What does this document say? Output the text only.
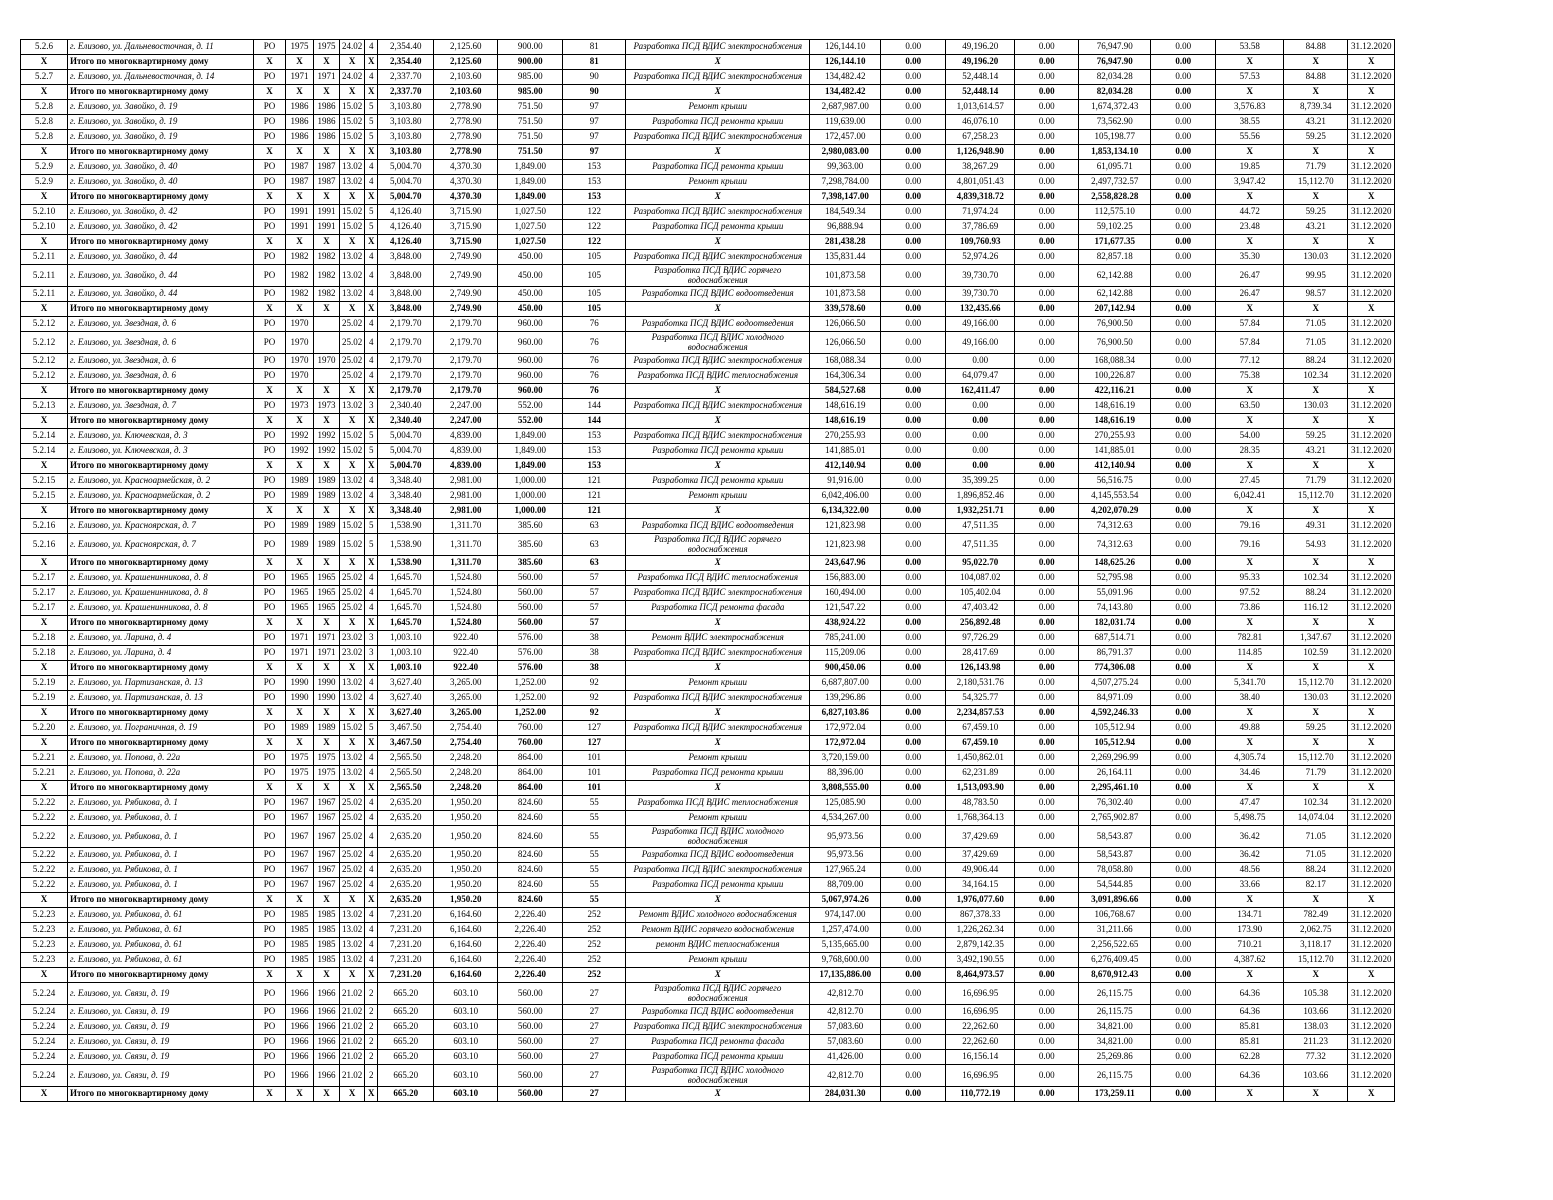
5.2.6	г. Елизово, ул. Дальневосточная, д. 11	РО	1975	1975	24.02	4	2,354.40	2,125.60	900.00	81	Разработка ПСД ВДИС электроснабжения	126,144.10	0.00	49,196.20	0.00	76,947.90	0.00	53.58	84.88	31.12.2020
X	Итого по многоквартирному дому	X	X	X	X	X	2,354.40	2,125.60	900.00	81	X	126,144.10	0.00	49,196.20	0.00	76,947.90	0.00	X	X	X
5.2.7	г. Елизово, ул. Дальневосточная, д. 14	РО	1971	1971	24.02	4	2,337.70	2,103.60	985.00	90	Разработка ПСД ВДИС электроснабжения	134,482.42	0.00	52,448.14	0.00	82,034.28	0.00	57.53	84.88	31.12.2020
X	Итого по многоквартирному дому	X	X	X	X	X	2,337.70	2,103.60	985.00	90	X	134,482.42	0.00	52,448.14	0.00	82,034.28	0.00	X	X	X
5.2.8	г. Елизово, ул. Завойко, д. 19	РО	1986	1986	15.02	5	3,103.80	2,778.90	751.50	97	Ремонт крыши	2,687,987.00	0.00	1,013,614.57	0.00	1,674,372.43	0.00	3,576.83	8,739.34	31.12.2020
5.2.8	г. Елизово, ул. Завойко, д. 19	РО	1986	1986	15.02	5	3,103.80	2,778.90	751.50	97	Разработка ПСД ремонта крыши	119,639.00	0.00	46,076.10	0.00	73,562.90	0.00	38.55	43.21	31.12.2020
5.2.8	г. Елизово, ул. Завойко, д. 19	РО	1986	1986	15.02	5	3,103.80	2,778.90	751.50	97	Разработка ПСД ВДИС электроснабжения	172,457.00	0.00	67,258.23	0.00	105,198.77	0.00	55.56	59.25	31.12.2020
X	Итого по многоквартирному дому	X	X	X	X	X	3,103.80	2,778.90	751.50	97	X	2,980,083.00	0.00	1,126,948.90	0.00	1,853,134.10	0.00	X	X	X
5.2.9	г. Елизово, ул. Завойко, д. 40	РО	1987	1987	13.02	4	5,004.70	4,370.30	1,849.00	153	Разработка ПСД ремонта крыши	99,363.00	0.00	38,267.29	0.00	61,095.71	0.00	19.85	71.79	31.12.2020
5.2.9	г. Елизово, ул. Завойко, д. 40	РО	1987	1987	13.02	4	5,004.70	4,370.30	1,849.00	153	Ремонт крыши	7,298,784.00	0.00	4,801,051.43	0.00	2,497,732.57	0.00	3,947.42	15,112.70	31.12.2020
X	Итого по многоквартирному дому	X	X	X	X	X	5,004.70	4,370.30	1,849.00	153	X	7,398,147.00	0.00	4,839,318.72	0.00	2,558,828.28	0.00	X	X	X
5.2.10	г. Елизово, ул. Завойко, д. 42	РО	1991	1991	15.02	5	4,126.40	3,715.90	1,027.50	122	Разработка ПСД ВДИС электроснабжения	184,549.34	0.00	71,974.24	0.00	112,575.10	0.00	44.72	59.25	31.12.2020
5.2.10	г. Елизово, ул. Завойко, д. 42	РО	1991	1991	15.02	5	4,126.40	3,715.90	1,027.50	122	Разработка ПСД ремонта крыши	96,888.94	0.00	37,786.69	0.00	59,102.25	0.00	23.48	43.21	31.12.2020
X	Итого по многоквартирному дому	X	X	X	X	X	4,126.40	3,715.90	1,027.50	122	X	281,438.28	0.00	109,760.93	0.00	171,677.35	0.00	X	X	X
5.2.11	г. Елизово, ул. Завойко, д. 44	РО	1982	1982	13.02	4	3,848.00	2,749.90	450.00	105	Разработка ПСД ВДИС электроснабжения	135,831.44	0.00	52,974.26	0.00	82,857.18	0.00	35.30	130.03	31.12.2020
5.2.11	г. Елизово, ул. Завойко, д. 44	РО	1982	1982	13.02	4	3,848.00	2,749.90	450.00	105	Разработка ПСД ВДИС горячего водоснабжения	101,873.58	0.00	39,730.70	0.00	62,142.88	0.00	26.47	99.95	31.12.2020
5.2.11	г. Елизово, ул. Завойко, д. 44	РО	1982	1982	13.02	4	3,848.00	2,749.90	450.00	105	Разработка ПСД ВДИС водоотведения	101,873.58	0.00	39,730.70	0.00	62,142.88	0.00	26.47	98.57	31.12.2020
X	Итого по многоквартирному дому	X	X	X	X	X	3,848.00	2,749.90	450.00	105	X	339,578.60	0.00	132,435.66	0.00	207,142.94	0.00	X	X	X
5.2.12	г. Елизово, ул. Звездная, д. 6	РО	1970		25.02	4	2,179.70	2,179.70	960.00	76	Разработка ПСД ВДИС водоотведения	126,066.50	0.00	49,166.00	0.00	76,900.50	0.00	57.84	71.05	31.12.2020
5.2.12	г. Елизово, ул. Звездная, д. 6	РО	1970		25.02	4	2,179.70	2,179.70	960.00	76	Разработка ПСД ВДИС холодного водоснабжения	126,066.50	0.00	49,166.00	0.00	76,900.50	0.00	57.84	71.05	31.12.2020
5.2.12	г. Елизово, ул. Звездная, д. 6	РО	1970	1970	25.02	4	2,179.70	2,179.70	960.00	76	Разработка ПСД ВДИС электроснабжения	168,088.34	0.00	0.00	0.00	168,088.34	0.00	77.12	88.24	31.12.2020
5.2.12	г. Елизово, ул. Звездная, д. 6	РО	1970		25.02	4	2,179.70	2,179.70	960.00	76	Разработка ПСД ВДИС теплоснабжения	164,306.34	0.00	64,079.47	0.00	100,226.87	0.00	75.38	102.34	31.12.2020
X	Итого по многоквартирному дому	X	X	X	X	X	2,179.70	2,179.70	960.00	76	X	584,527.68	0.00	162,411.47	0.00	422,116.21	0.00	X	X	X
5.2.13	г. Елизово, ул. Звездная, д. 7	РО	1973	1973	13.02	3	2,340.40	2,247.00	552.00	144	Разработка ПСД ВДИС электроснабжения	148,616.19	0.00	0.00	0.00	148,616.19	0.00	63.50	130.03	31.12.2020
X	Итого по многоквартирному дому	X	X	X	X	X	2,340.40	2,247.00	552.00	144	X	148,616.19	0.00	0.00	0.00	148,616.19	0.00	X	X	X
5.2.14	г. Елизово, ул. Ключевская, д. 3	РО	1992	1992	15.02	5	5,004.70	4,839.00	1,849.00	153	Разработка ПСД ВДИС электроснабжения	270,255.93	0.00	0.00	0.00	270,255.93	0.00	54.00	59.25	31.12.2020
5.2.14	г. Елизово, ул. Ключевская, д. 3	РО	1992	1992	15.02	5	5,004.70	4,839.00	1,849.00	153	Разработка ПСД ремонта крыши	141,885.01	0.00	0.00	0.00	141,885.01	0.00	28.35	43.21	31.12.2020
X	Итого по многоквартирному дому	X	X	X	X	X	5,004.70	4,839.00	1,849.00	153	X	412,140.94	0.00	0.00	0.00	412,140.94	0.00	X	X	X
5.2.15	г. Елизово, ул. Красноармейская, д. 2	РО	1989	1989	13.02	4	3,348.40	2,981.00	1,000.00	121	Разработка ПСД ремонта крыши	91,916.00	0.00	35,399.25	0.00	56,516.75	0.00	27.45	71.79	31.12.2020
5.2.15	г. Елизово, ул. Красноармейская, д. 2	РО	1989	1989	13.02	4	3,348.40	2,981.00	1,000.00	121	Ремонт крыши	6,042,406.00	0.00	1,896,852.46	0.00	4,145,553.54	0.00	6,042.41	15,112.70	31.12.2020
X	Итого по многоквартирному дому	X	X	X	X	X	3,348.40	2,981.00	1,000.00	121	X	6,134,322.00	0.00	1,932,251.71	0.00	4,202,070.29	0.00	X	X	X
5.2.16	г. Елизово, ул. Красноярская, д. 7	РО	1989	1989	15.02	5	1,538.90	1,311.70	385.60	63	Разработка ПСД ВДИС водоотведения	121,823.98	0.00	47,511.35	0.00	74,312.63	0.00	79.16	49.31	31.12.2020
5.2.16	г. Елизово, ул. Красноярская, д. 7	РО	1989	1989	15.02	5	1,538.90	1,311.70	385.60	63	Разработка ПСД ВДИС горячего водоснабжения	121,823.98	0.00	47,511.35	0.00	74,312.63	0.00	79.16	54.93	31.12.2020
X	Итого по многоквартирному дому	X	X	X	X	X	1,538.90	1,311.70	385.60	63	X	243,647.96	0.00	95,022.70	0.00	148,625.26	0.00	X	X	X
5.2.17	г. Елизово, ул. Крашенинникова, д. 8	РО	1965	1965	25.02	4	1,645.70	1,524.80	560.00	57	Разработка ПСД ВДИС теплоснабжения	156,883.00	0.00	104,087.02	0.00	52,795.98	0.00	95.33	102.34	31.12.2020
5.2.17	г. Елизово, ул. Крашенинникова, д. 8	РО	1965	1965	25.02	4	1,645.70	1,524.80	560.00	57	Разработка ПСД ВДИС электроснабжения	160,494.00	0.00	105,402.04	0.00	55,091.96	0.00	97.52	88.24	31.12.2020
5.2.17	г. Елизово, ул. Крашенинникова, д. 8	РО	1965	1965	25.02	4	1,645.70	1,524.80	560.00	57	Разработка ПСД ремонта фасада	121,547.22	0.00	47,403.42	0.00	74,143.80	0.00	73.86	116.12	31.12.2020
X	Итого по многоквартирному дому	X	X	X	X	X	1,645.70	1,524.80	560.00	57	X	438,924.22	0.00	256,892.48	0.00	182,031.74	0.00	X	X	X
5.2.18	г. Елизово, ул. Ларина, д. 4	РО	1971	1971	23.02	3	1,003.10	922.40	576.00	38	Ремонт ВДИС электроснабжения	785,241.00	0.00	97,726.29	0.00	687,514.71	0.00	782.81	1,347.67	31.12.2020
5.2.18	г. Елизово, ул. Ларина, д. 4	РО	1971	1971	23.02	3	1,003.10	922.40	576.00	38	Разработка ПСД ВДИС электроснабжения	115,209.06	0.00	28,417.69	0.00	86,791.37	0.00	114.85	102.59	31.12.2020
X	Итого по многоквартирному дому	X	X	X	X	X	1,003.10	922.40	576.00	38	X	900,450.06	0.00	126,143.98	0.00	774,306.08	0.00	X	X	X
5.2.19	г. Елизово, ул. Партизанская, д. 13	РО	1990	1990	13.02	4	3,627.40	3,265.00	1,252.00	92	Ремонт крыши	6,687,807.00	0.00	2,180,531.76	0.00	4,507,275.24	0.00	5,341.70	15,112.70	31.12.2020
5.2.19	г. Елизово, ул. Партизанская, д. 13	РО	1990	1990	13.02	4	3,627.40	3,265.00	1,252.00	92	Разработка ПСД ВДИС электроснабжения	139,296.86	0.00	54,325.77	0.00	84,971.09	0.00	38.40	130.03	31.12.2020
X	Итого по многоквартирному дому	X	X	X	X	X	3,627.40	3,265.00	1,252.00	92	X	6,827,103.86	0.00	2,234,857.53	0.00	4,592,246.33	0.00	X	X	X
5.2.20	г. Елизово, ул. Пограничная, д. 19	РО	1989	1989	15.02	5	3,467.50	2,754.40	760.00	127	Разработка ПСД ВДИС электроснабжения	172,972.04	0.00	67,459.10	0.00	105,512.94	0.00	49.88	59.25	31.12.2020
X	Итого по многоквартирному дому	X	X	X	X	X	3,467.50	2,754.40	760.00	127	X	172,972.04	0.00	67,459.10	0.00	105,512.94	0.00	X	X	X
5.2.21	г. Елизово, ул. Попова, д. 22а	РО	1975	1975	13.02	4	2,565.50	2,248.20	864.00	101	Ремонт крыши	3,720,159.00	0.00	1,450,862.01	0.00	2,269,296.99	0.00	4,305.74	15,112.70	31.12.2020
5.2.21	г. Елизово, ул. Попова, д. 22а	РО	1975	1975	13.02	4	2,565.50	2,248.20	864.00	101	Разработка ПСД ремонта крыши	88,396.00	0.00	62,231.89	0.00	26,164.11	0.00	34.46	71.79	31.12.2020
X	Итого по многоквартирному дому	X	X	X	X	X	2,565.50	2,248.20	864.00	101	X	3,808,555.00	0.00	1,513,093.90	0.00	2,295,461.10	0.00	X	X	X
5.2.22	г. Елизово, ул. Рябикова, д. 1	РО	1967	1967	25.02	4	2,635.20	1,950.20	824.60	55	Разработка ПСД ВДИС теплоснабжения	125,085.90	0.00	48,783.50	0.00	76,302.40	0.00	47.47	102.34	31.12.2020
5.2.22	г. Елизово, ул. Рябикова, д. 1	РО	1967	1967	25.02	4	2,635.20	1,950.20	824.60	55	Ремонт крыши	4,534,267.00	0.00	1,768,364.13	0.00	2,765,902.87	0.00	5,498.75	14,074.04	31.12.2020
5.2.22	г. Елизово, ул. Рябикова, д. 1	РО	1967	1967	25.02	4	2,635.20	1,950.20	824.60	55	Разработка ПСД ВДИС холодного водоснабжения	95,973.56	0.00	37,429.69	0.00	58,543.87	0.00	36.42	71.05	31.12.2020
5.2.22	г. Елизово, ул. Рябикова, д. 1	РО	1967	1967	25.02	4	2,635.20	1,950.20	824.60	55	Разработка ПСД ВДИС водоотведения	95,973.56	0.00	37,429.69	0.00	58,543.87	0.00	36.42	71.05	31.12.2020
5.2.22	г. Елизово, ул. Рябикова, д. 1	РО	1967	1967	25.02	4	2,635.20	1,950.20	824.60	55	Разработка ПСД ВДИС электроснабжения	127,965.24	0.00	49,906.44	0.00	78,058.80	0.00	48.56	88.24	31.12.2020
5.2.22	г. Елизово, ул. Рябикова, д. 1	РО	1967	1967	25.02	4	2,635.20	1,950.20	824.60	55	Разработка ПСД ремонта крыши	88,709.00	0.00	34,164.15	0.00	54,544.85	0.00	33.66	82.17	31.12.2020
X	Итого по многоквартирному дому	X	X	X	X	X	2,635.20	1,950.20	824.60	55	X	5,067,974.26	0.00	1,976,077.60	0.00	3,091,896.66	0.00	X	X	X
5.2.23	г. Елизово, ул. Рябикова, д. 61	РО	1985	1985	13.02	4	7,231.20	6,164.60	2,226.40	252	Ремонт ВДИС холодного водоснабжения	974,147.00	0.00	867,378.33	0.00	106,768.67	0.00	134.71	782.49	31.12.2020
5.2.23	г. Елизово, ул. Рябикова, д. 61	РО	1985	1985	13.02	4	7,231.20	6,164.60	2,226.40	252	Ремонт ВДИС горячего водоснабжения	1,257,474.00	0.00	1,226,262.34	0.00	31,211.66	0.00	173.90	2,062.75	31.12.2020
5.2.23	г. Елизово, ул. Рябикова, д. 61	РО	1985	1985	13.02	4	7,231.20	6,164.60	2,226.40	252	ремонт ВДИС теплоснабжения	5,135,665.00	0.00	2,879,142.35	0.00	2,256,522.65	0.00	710.21	3,118.17	31.12.2020
5.2.23	г. Елизово, ул. Рябикова, д. 61	РО	1985	1985	13.02	4	7,231.20	6,164.60	2,226.40	252	Ремонт крыши	9,768,600.00	0.00	3,492,190.55	0.00	6,276,409.45	0.00	4,387.62	15,112.70	31.12.2020
X	Итого по многоквартирному дому	X	X	X	X	X	7,231.20	6,164.60	2,226.40	252	X	17,135,886.00	0.00	8,464,973.57	0.00	8,670,912.43	0.00	X	X	X
5.2.24	г. Елизово, ул. Связи, д. 19	РО	1966	1966	21.02	2	665.20	603.10	560.00	27	Разработка ПСД ВДИС горячего водоснабжения	42,812.70	0.00	16,696.95	0.00	26,115.75	0.00	64.36	105.38	31.12.2020
5.2.24	г. Елизово, ул. Связи, д. 19	РО	1966	1966	21.02	2	665.20	603.10	560.00	27	Разработка ПСД ВДИС водоотведения	42,812.70	0.00	16,696.95	0.00	26,115.75	0.00	64.36	103.66	31.12.2020
5.2.24	г. Елизово, ул. Связи, д. 19	РО	1966	1966	21.02	2	665.20	603.10	560.00	27	Разработка ПСД ВДИС электроснабжения	57,083.60	0.00	22,262.60	0.00	34,821.00	0.00	85.81	138.03	31.12.2020
5.2.24	г. Елизово, ул. Связи, д. 19	РО	1966	1966	21.02	2	665.20	603.10	560.00	27	Разработка ПСД ремонта фасада	57,083.60	0.00	22,262.60	0.00	34,821.00	0.00	85.81	211.23	31.12.2020
5.2.24	г. Елизово, ул. Связи, д. 19	РО	1966	1966	21.02	2	665.20	603.10	560.00	27	Разработка ПСД ремонта крыши	41,426.00	0.00	16,156.14	0.00	25,269.86	0.00	62.28	77.32	31.12.2020
5.2.24	г. Елизово, ул. Связи, д. 19	РО	1966	1966	21.02	2	665.20	603.10	560.00	27	Разработка ПСД ВДИС холодного водоснабжения	42,812.70	0.00	16,696.95	0.00	26,115.75	0.00	64.36	103.66	31.12.2020
X	Итого по многоквартирному дому	X	X	X	X	X	665.20	603.10	560.00	27	X	284,031.30	0.00	110,772.19	0.00	173,259.11	0.00	X	X	X
